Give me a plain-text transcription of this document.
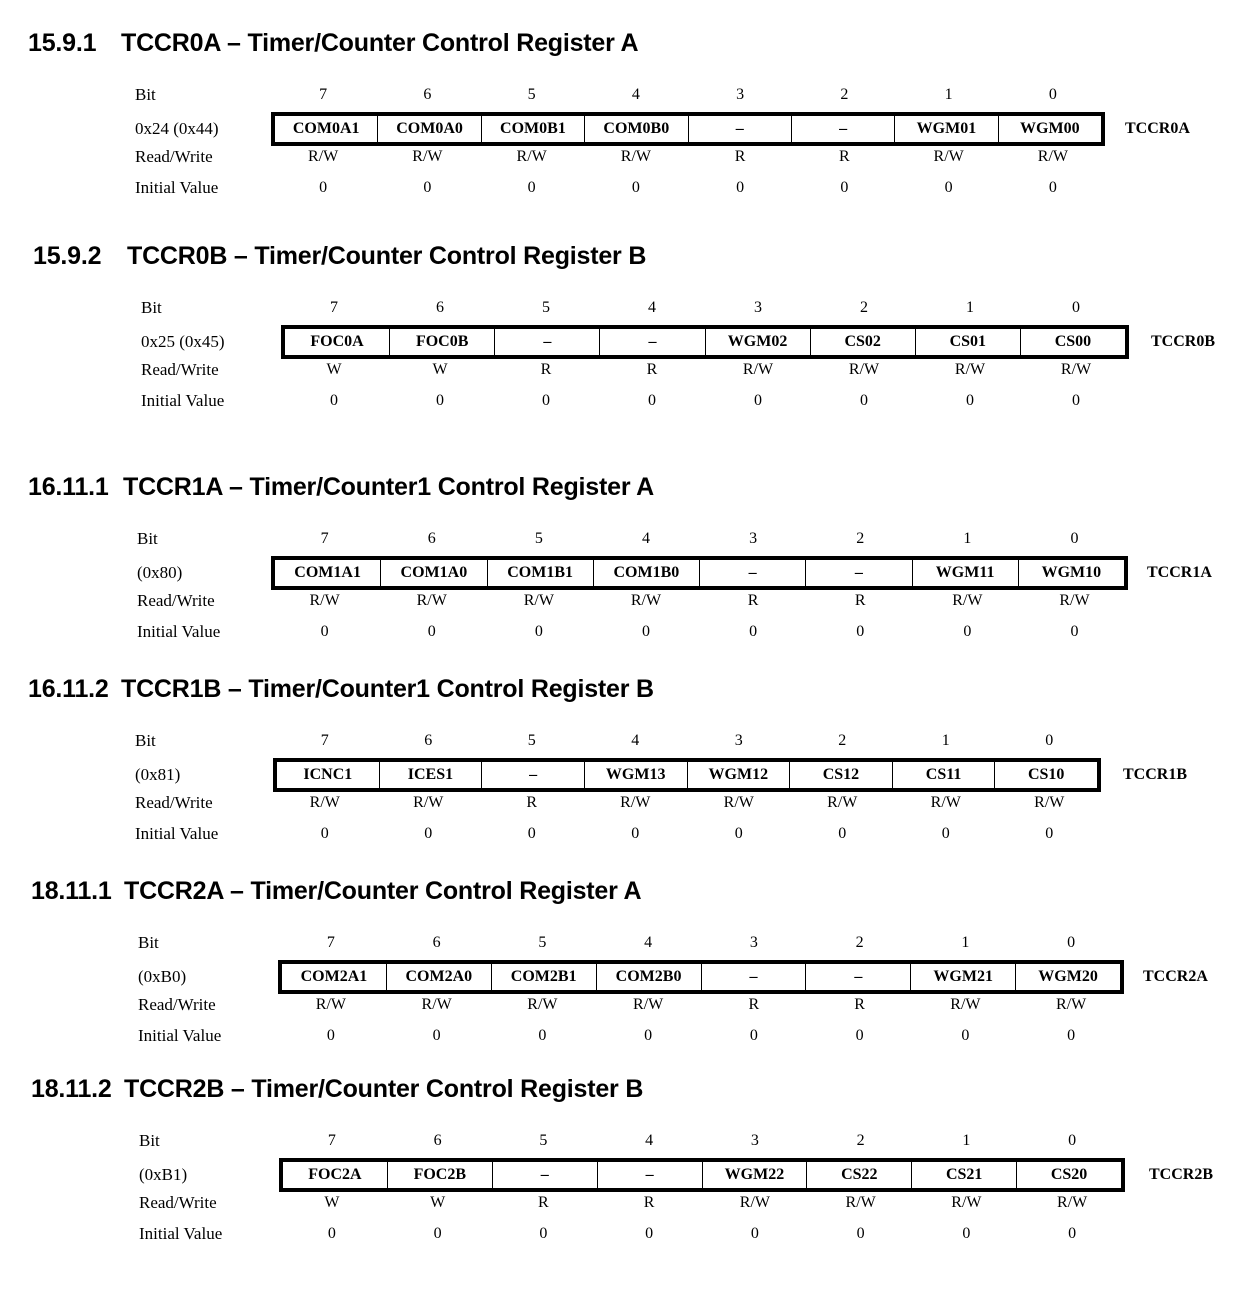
15.9.1 TCCR0A – Timer/Counter Control Register A
Bit	7	6	5	4	3	2	1	0
Read/Write	R/W	R/W	R/W	R/W	R	R	R/W	R/W
Initial Value	0	0	0	0	0	0	0	0
0x24 (0x44)	COM0A1	COM0A0	COM0B1	COM0B0	–	–	WGM01	WGM00	TCCR0A
15.9.2 TCCR0B – Timer/Counter Control Register B
Bit	7	6	5	4	3	2	1	0
Read/Write	W	W	R	R	R/W	R/W	R/W	R/W
Initial Value	0	0	0	0	0	0	0	0
0x25 (0x45)	FOC0A	FOC0B	–	–	WGM02	CS02	CS01	CS00	TCCR0B
16.11.1 TCCR1A – Timer/Counter1 Control Register A
Bit	7	6	5	4	3	2	1	0
Read/Write	R/W	R/W	R/W	R/W	R	R	R/W	R/W
Initial Value	0	0	0	0	0	0	0	0
(0x80)	COM1A1	COM1A0	COM1B1	COM1B0	–	–	WGM11	WGM10	TCCR1A
16.11.2 TCCR1B – Timer/Counter1 Control Register B
Bit	7	6	5	4	3	2	1	0
Read/Write	R/W	R/W	R	R/W	R/W	R/W	R/W	R/W
Initial Value	0	0	0	0	0	0	0	0
(0x81)	ICNC1	ICES1	–	WGM13	WGM12	CS12	CS11	CS10	TCCR1B
18.11.1 TCCR2A – Timer/Counter Control Register A
Bit	7	6	5	4	3	2	1	0
Read/Write	R/W	R/W	R/W	R/W	R	R	R/W	R/W
Initial Value	0	0	0	0	0	0	0	0
(0xB0)	COM2A1	COM2A0	COM2B1	COM2B0	–	–	WGM21	WGM20	TCCR2A
18.11.2 TCCR2B – Timer/Counter Control Register B
Bit	7	6	5	4	3	2	1	0
Read/Write	W	W	R	R	R/W	R/W	R/W	R/W
Initial Value	0	0	0	0	0	0	0	0
(0xB1)	FOC2A	FOC2B	–	–	WGM22	CS22	CS21	CS20	TCCR2B
